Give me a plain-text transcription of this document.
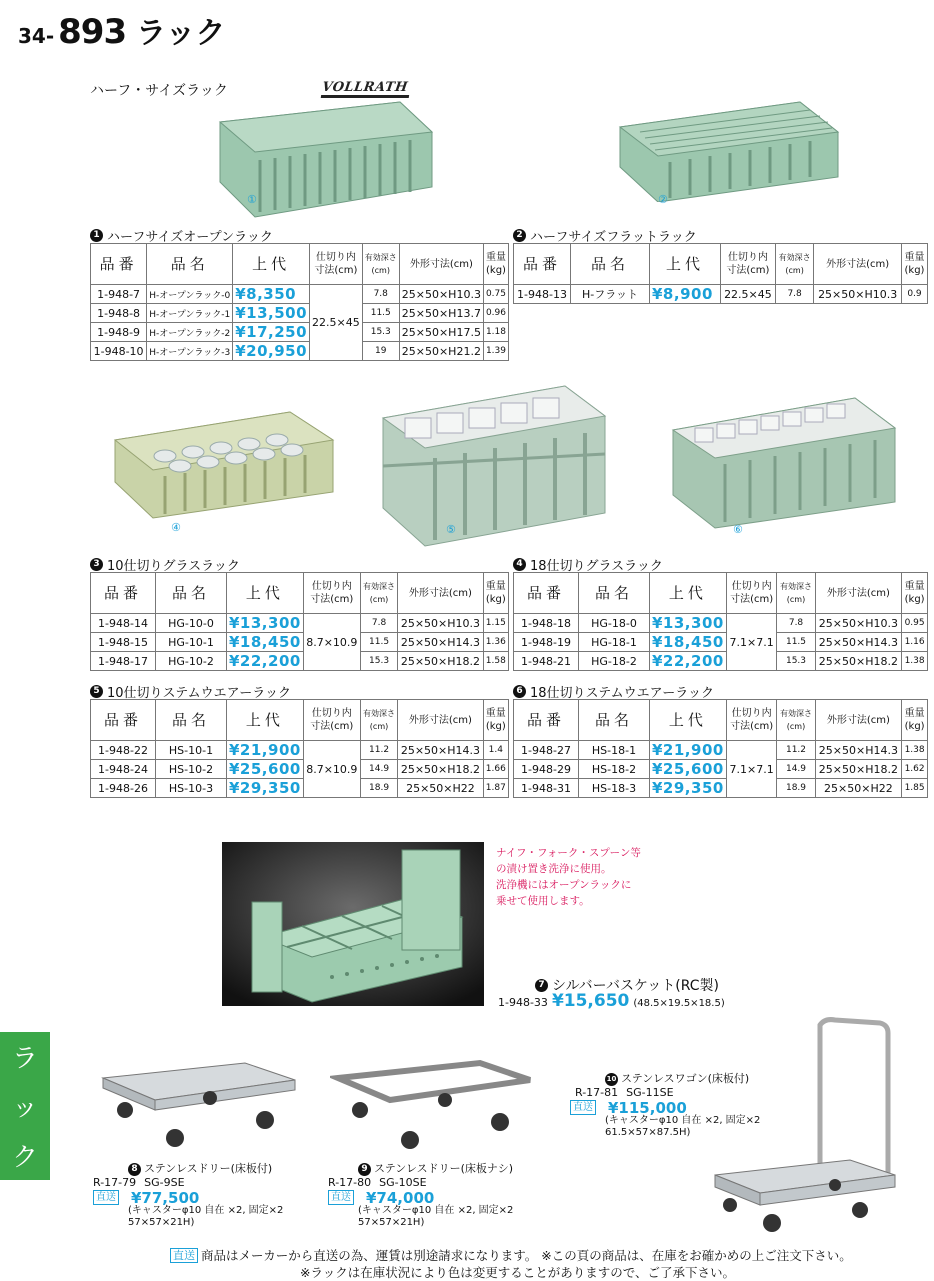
34- 893 ラック
ハーフ・サイズラック	VOLLRATH
①	②
1 ハーフサイズオープンラック
品番	品名	上代	仕切り内
寸法(cm)	有効深さ
(cm)	外形寸法(cm)	重量
(kg)
1-948-7	H-オープンラック-0	¥8,350	22.5×45	7.8	25×50×H10.3	0.75
1-948-8	H-オープンラック-1	¥13,500		11.5	25×50×H13.7	0.96
1-948-9	H-オープンラック-2	¥17,250		15.3	25×50×H17.5	1.18
1-948-10	H-オープンラック-3	¥20,950		19	25×50×H21.2	1.39
2 ハーフサイズフラットラック
品番	品名	上代	仕切り内
寸法(cm)	有効深さ
(cm)	外形寸法(cm)	重量
(kg)
1-948-13	H-フラット	¥8,900	22.5×45	7.8	25×50×H10.3	0.9
④	⑤	⑥
3 10仕切りグラスラック
品番	品名	上代	仕切り内
寸法(cm)	有効深さ
(cm)	外形寸法(cm)	重量
(kg)
1-948-14	HG-10-0	¥13,300	8.7×10.9	7.8	25×50×H10.3	1.15
1-948-15	HG-10-1	¥18,450		11.5	25×50×H14.3	1.36
1-948-17	HG-10-2	¥22,200		15.3	25×50×H18.2	1.58
4 18仕切りグラスラック
品番	品名	上代	仕切り内
寸法(cm)	有効深さ
(cm)	外形寸法(cm)	重量
(kg)
1-948-18	HG-18-0	¥13,300	7.1×7.1	7.8	25×50×H10.3	0.95
1-948-19	HG-18-1	¥18,450		11.5	25×50×H14.3	1.16
1-948-21	HG-18-2	¥22,200		15.3	25×50×H18.2	1.38
5 10仕切りステムウエアーラック
品番	品名	上代	仕切り内
寸法(cm)	有効深さ
(cm)	外形寸法(cm)	重量
(kg)
1-948-22	HS-10-1	¥21,900	8.7×10.9	11.2	25×50×H14.3	1.4
1-948-24	HS-10-2	¥25,600		14.9	25×50×H18.2	1.66
1-948-26	HS-10-3	¥29,350		18.9	25×50×H22	1.87
6 18仕切りステムウエアーラック
品番	品名	上代	仕切り内
寸法(cm)	有効深さ
(cm)	外形寸法(cm)	重量
(kg)
1-948-27	HS-18-1	¥21,900	7.1×7.1	11.2	25×50×H14.3	1.38
1-948-29	HS-18-2	¥25,600		14.9	25×50×H18.2	1.62
1-948-31	HS-18-3	¥29,350		18.9	25×50×H22	1.85
ナイフ・フォーク・スプーン等
の漬け置き洗浄に使用。
洗浄機にはオープンラックに
乗せて使用します。
7 シルバーバスケット(RC製)
1-948-33 ¥15,650 (48.5×19.5×18.5)
ラ
ッ
ク	8 ステンレスドリー(床板付)
R-17-79 SG-9SE
直送 ¥77,500
(キャスターφ10 自在 ×2, 固定×2
57×57×21H)
9 ステンレスドリー(床板ナシ)
R-17-80 SG-10SE
直送 ¥74,000
(キャスターφ10 自在 ×2, 固定×2
57×57×21H)
10 ステンレスワゴン(床板付)
R-17-81 SG-11SE
直送 ¥115,000
(キャスターφ10 自在 ×2, 固定×2
61.5×57×87.5H)
直送 商品はメーカーから直送の為、運賃は別途請求になります。 ※この頁の商品は、在庫をお確かめの上ご注文下さい。
※ラックは在庫状況により色は変更することがありますので、ご了承下さい。
